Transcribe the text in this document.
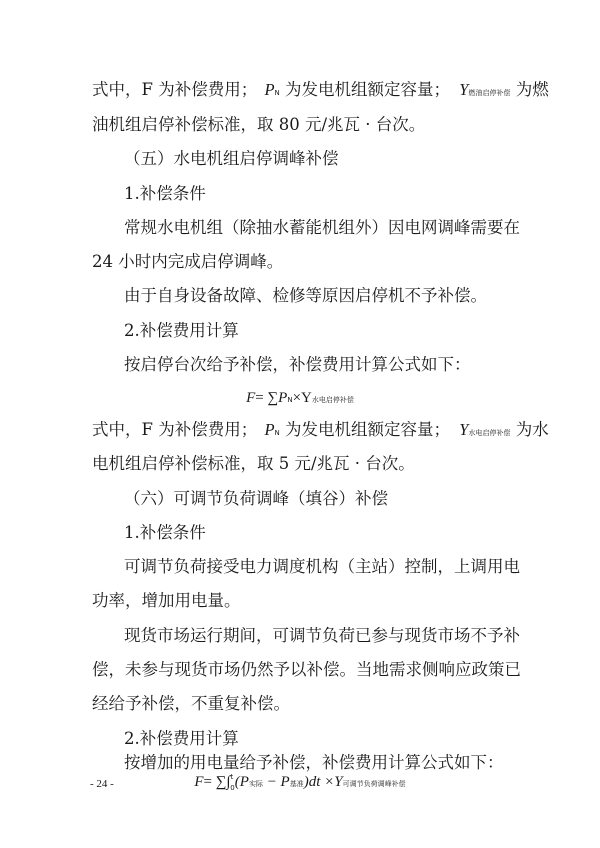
式中，F 为补偿费用； PN 为发电机组额定容量； Y燃油启停补偿 为燃
油机组启停补偿标准，取 80 元/兆瓦 · 台次。
（五）水电机组启停调峰补偿
1.补偿条件
常规水电机组（除抽水蓄能机组外）因电网调峰需要在
24 小时内完成启停调峰。
由于自身设备故障、检修等原因启停机不予补偿。
2.补偿费用计算
按启停台次给予补偿，补偿费用计算公式如下：
F= ∑PN×Y水电启停补偿
式中，F 为补偿费用； PN 为发电机组额定容量； Y水电启停补偿 为水
电机组启停补偿标准，取 5 元/兆瓦 · 台次。
（六）可调节负荷调峰（填谷）补偿
1.补偿条件
可调节负荷接受电力调度机构（主站）控制，上调用电
功率，增加用电量。
现货市场运行期间，可调节负荷已参与现货市场不予补
偿，未参与现货市场仍然予以补偿。当地需求侧响应政策已
经给予补偿，不重复补偿。
2.补偿费用计算
按增加的用电量给予补偿，补偿费用计算公式如下：
F= ∑∫$^t_0$(P实际 − P基准)dt ×Y可调节负荷调峰补偿
- 24 -
